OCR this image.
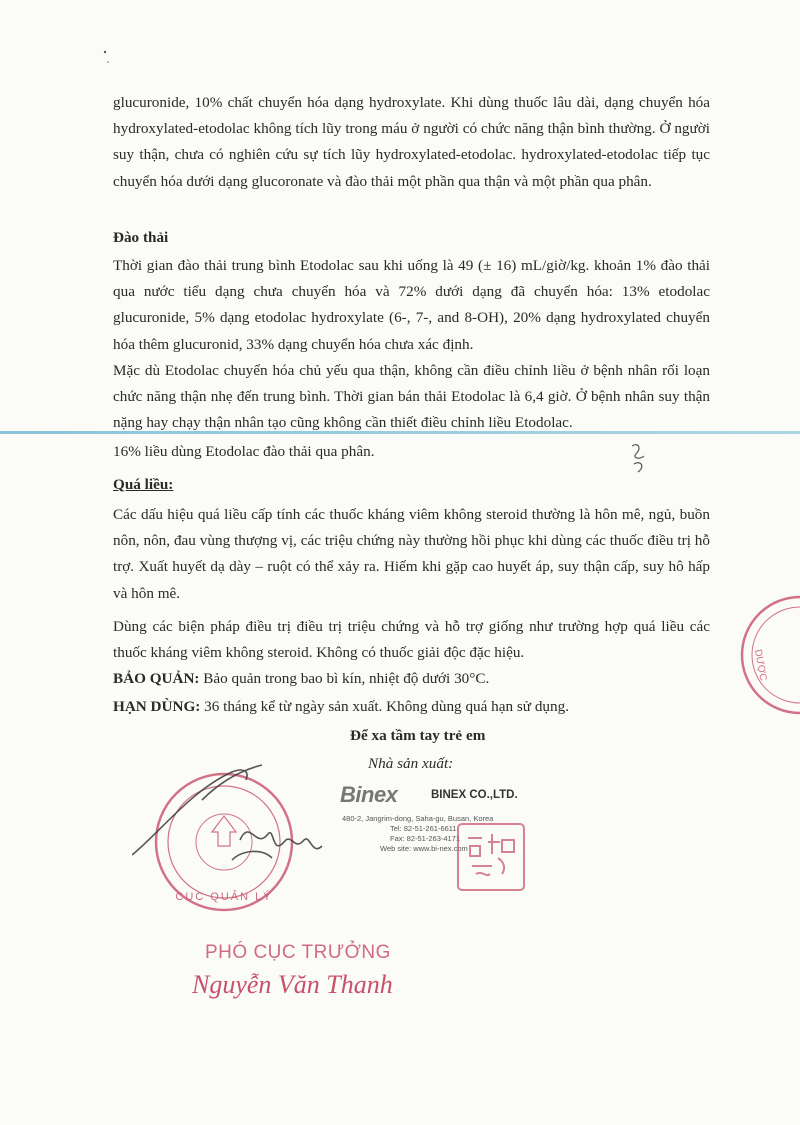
glucuronide, 10% chất chuyển hóa dạng hydroxylate. Khi dùng thuốc lâu dài, dạng chuyển hóa hydroxylated-etodolac không tích lũy trong máu ở người có chức năng thận bình thường. Ở người suy thận, chưa có nghiên cứu sự tích lũy hydroxylated-etodolac. hydroxylated-etodolac tiếp tục chuyển hóa dưới dạng glucoronate và đào thải một phần qua thận và một phần qua phân.

Đào thải

Thời gian đào thải trung bình Etodolac sau khi uống là 49 (± 16) mL/giờ/kg. khoản 1% đào thải qua nước tiểu dạng chưa chuyển hóa và 72% dưới dạng đã chuyển hóa: 13% etodolac glucuronide, 5% dạng etodolac hydroxylate (6-, 7-, and 8-OH), 20% dạng hydroxylated chuyển hóa thêm glucuronid, 33% dạng chuyển hóa chưa xác định.

Mặc dù Etodolac chuyển hóa chủ yếu qua thận, không cần điều chỉnh liều ở bệnh nhân rối loạn chức năng thận nhẹ đến trung bình. Thời gian bán thải Etodolac là 6,4 giờ. Ở bệnh nhân suy thận nặng hay chạy thận nhân tạo cũng không cần thiết điều chỉnh liều Etodolac.

16% liều dùng Etodolac đào thải qua phân.

Quá liều:

Các dấu hiệu quá liều cấp tính các thuốc kháng viêm không steroid thường là hôn mê, ngủ, buồn nôn, nôn, đau vùng thượng vị, các triệu chứng này thường hồi phục khi dùng các thuốc điều trị hỗ trợ. Xuất huyết dạ dày – ruột có thể xảy ra. Hiếm khi gặp cao huyết áp, suy thận cấp, suy hô hấp và hôn mê.

Dùng các biện pháp điều trị điều trị triệu chứng và hỗ trợ giống như trường hợp quá liều các thuốc kháng viêm không steroid. Không có thuốc giải độc đặc hiệu.

BẢO QUẢN: Bảo quản trong bao bì kín, nhiệt độ dưới 30°C.

HẠN DÙNG: 36 tháng kể từ ngày sản xuất. Không dùng quá hạn sử dụng.

Để xa tầm tay trẻ em

Nhà sản xuất:

Binex	BINEX CO.,LTD.
480-2, Jangrim-dong, Saha-gu, Busan, Korea
Tel: 82-51-261-6611
Fax: 82-51-263-4171
Web site: www.bi-nex.com
CỤC QUẢN LÝ
DƯỢC
PHÓ CỤC TRƯỞNG
Nguyễn Văn Thanh
